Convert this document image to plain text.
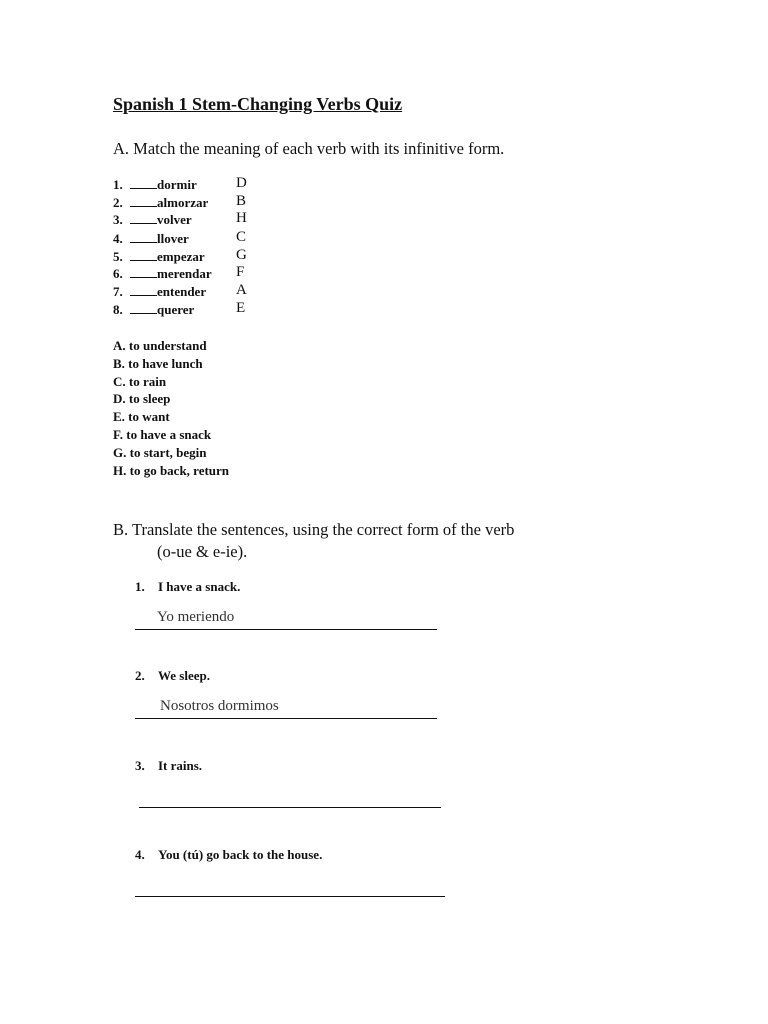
Spanish 1 Stem-Changing Verbs Quiz
A. Match the meaning of each verb with its infinitive form.
1.	dormir	D
2.	almorzar B
3.	volver	H
4.	llover	C
5.	empezar G
6.	merendar F
7.	entender A
8.	querer	E
A. to understand
B. to have lunch
C. to rain
D. to sleep
E. to want
F. to have a snack
G. to start, begin
H. to go back, return
B. Translate the sentences, using the correct form of the verb
(o-ue & e-ie).
1. I have a snack.
Yo meriendo
2. We sleep.
Nosotros dormimos
3. It rains.
4. You (tú) go back to the house.
